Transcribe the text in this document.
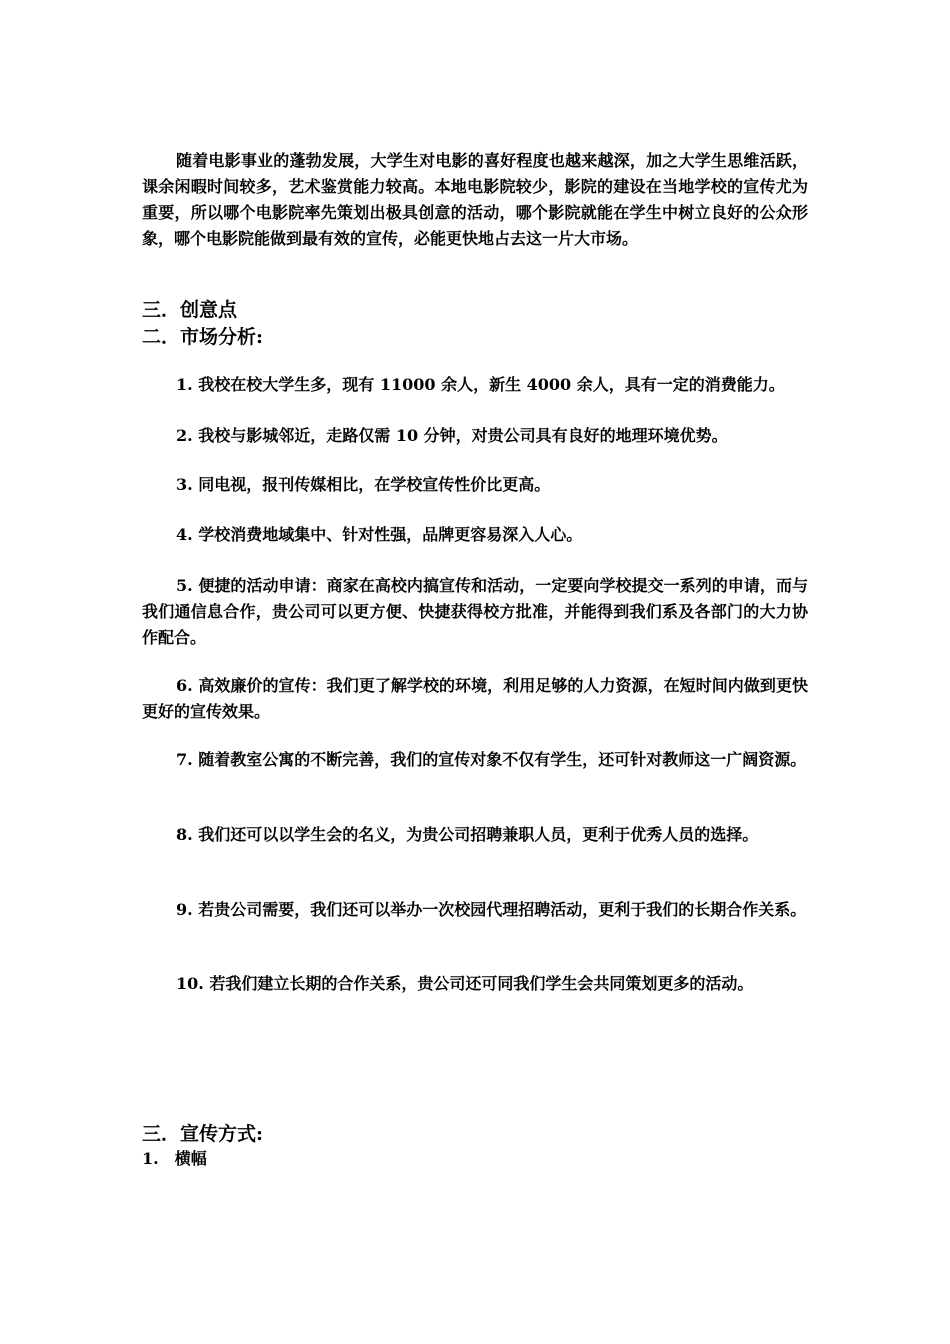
随着电影事业的蓬勃发展，大学生对电影的喜好程度也越来越深，加之大学生思维活跃，课余闲暇时间较多，艺术鉴赏能力较高。本地电影院较少，影院的建设在当地学校的宣传尤为重要，所以哪个电影院率先策划出极具创意的活动，哪个影院就能在学生中树立良好的公众形象，哪个电影院能做到最有效的宣传，必能更快地占去这一片大市场。

三．创意点

二．市场分析:

1. 我校在校大学生多，现有 11000 余人，新生 4000 余人，具有一定的消费能力。

2. 我校与影城邻近，走路仅需 10 分钟，对贵公司具有良好的地理环境优势。

3. 同电视，报刊传媒相比，在学校宣传性价比更高。

4. 学校消费地域集中、针对性强，品牌更容易深入人心。

5. 便捷的活动申请：商家在高校内搞宣传和活动，一定要向学校提交一系列的申请，而与我们通信息合作，贵公司可以更方便、快捷获得校方批准，并能得到我们系及各部门的大力协作配合。

6. 高效廉价的宣传：我们更了解学校的环境，利用足够的人力资源，在短时间内做到更快更好的宣传效果。

7. 随着教室公寓的不断完善，我们的宣传对象不仅有学生，还可针对教师这一广阔资源。

8. 我们还可以以学生会的名义，为贵公司招聘兼职人员，更利于优秀人员的选择。

9. 若贵公司需要，我们还可以举办一次校园代理招聘活动，更利于我们的长期合作关系。

10. 若我们建立长期的合作关系，贵公司还可同我们学生会共同策划更多的活动。

三．宣传方式:

1.　横幅
